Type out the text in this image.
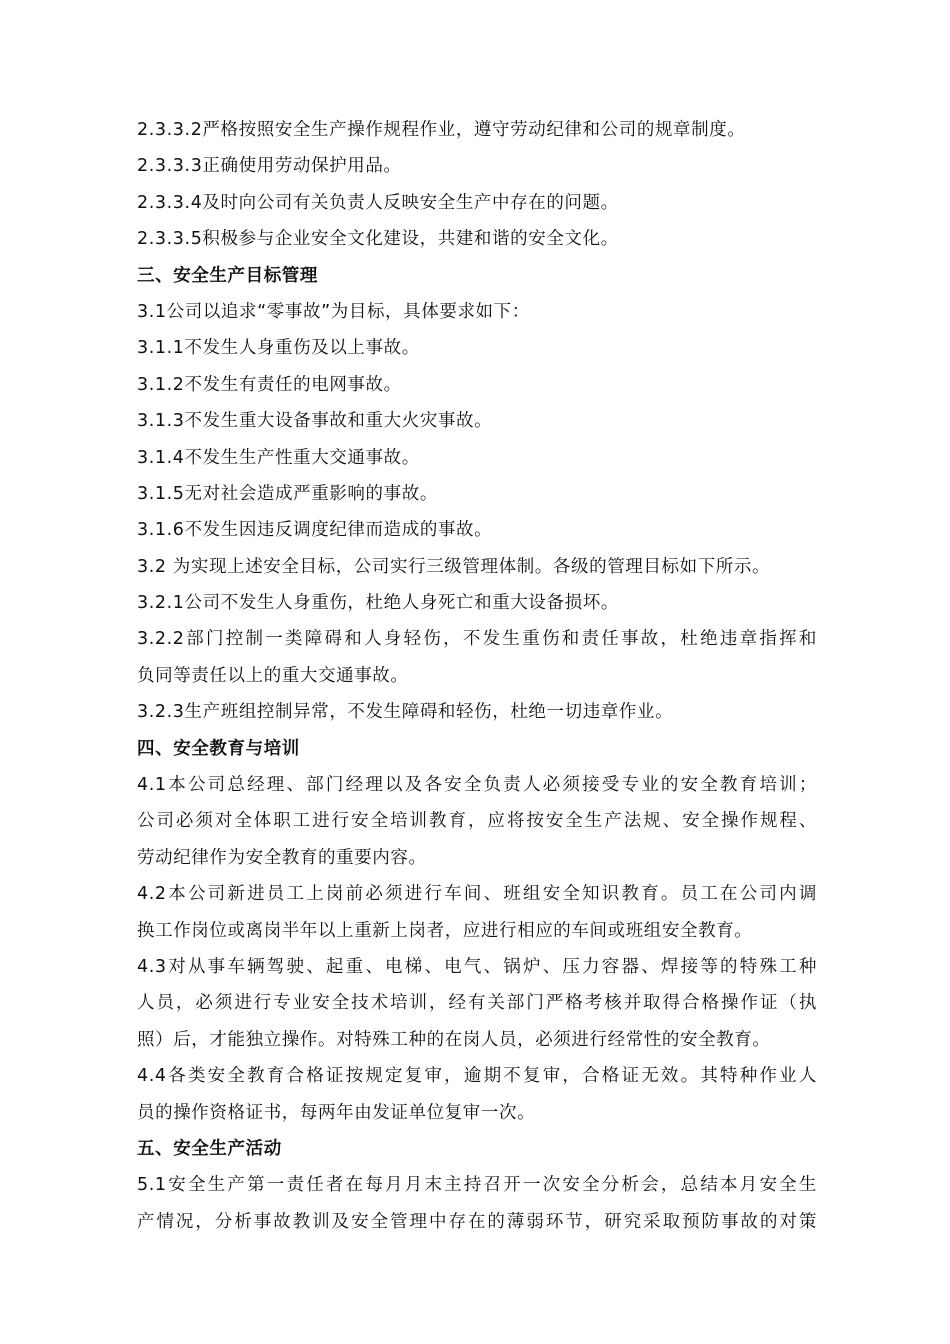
2.3.3.2严格按照安全生产操作规程作业，遵守劳动纪律和公司的规章制度。
2.3.3.3正确使用劳动保护用品。
2.3.3.4及时向公司有关负责人反映安全生产中存在的问题。
2.3.3.5积极参与企业安全文化建设，共建和谐的安全文化。
三、安全生产目标管理
3.1公司以追求“零事故”为目标，具体要求如下：
3.1.1不发生人身重伤及以上事故。
3.1.2不发生有责任的电网事故。
3.1.3不发生重大设备事故和重大火灾事故。
3.1.4不发生生产性重大交通事故。
3.1.5无对社会造成严重影响的事故。
3.1.6不发生因违反调度纪律而造成的事故。
3.2 为实现上述安全目标，公司实行三级管理体制。各级的管理目标如下所示。
3.2.1公司不发生人身重伤，杜绝人身死亡和重大设备损坏。
3.2.2部门控制一类障碍和人身轻伤，不发生重伤和责任事故，杜绝违章指挥和
负同等责任以上的重大交通事故。
3.2.3生产班组控制异常，不发生障碍和轻伤，杜绝一切违章作业。
四、安全教育与培训
4.1本公司总经理、部门经理以及各安全负责人必须接受专业的安全教育培训；
公司必须对全体职工进行安全培训教育，应将按安全生产法规、安全操作规程、
劳动纪律作为安全教育的重要内容。
4.2本公司新进员工上岗前必须进行车间、班组安全知识教育。员工在公司内调
换工作岗位或离岗半年以上重新上岗者，应进行相应的车间或班组安全教育。
4.3对从事车辆驾驶、起重、电梯、电气、锅炉、压力容器、焊接等的特殊工种
人员，必须进行专业安全技术培训，经有关部门严格考核并取得合格操作证（执
照）后，才能独立操作。对特殊工种的在岗人员，必须进行经常性的安全教育。
4.4各类安全教育合格证按规定复审，逾期不复审，合格证无效。其特种作业人
员的操作资格证书，每两年由发证单位复审一次。
五、安全生产活动
5.1安全生产第一责任者在每月月末主持召开一次安全分析会，总结本月安全生
产情况，分析事故教训及安全管理中存在的薄弱环节，研究采取预防事故的对策
